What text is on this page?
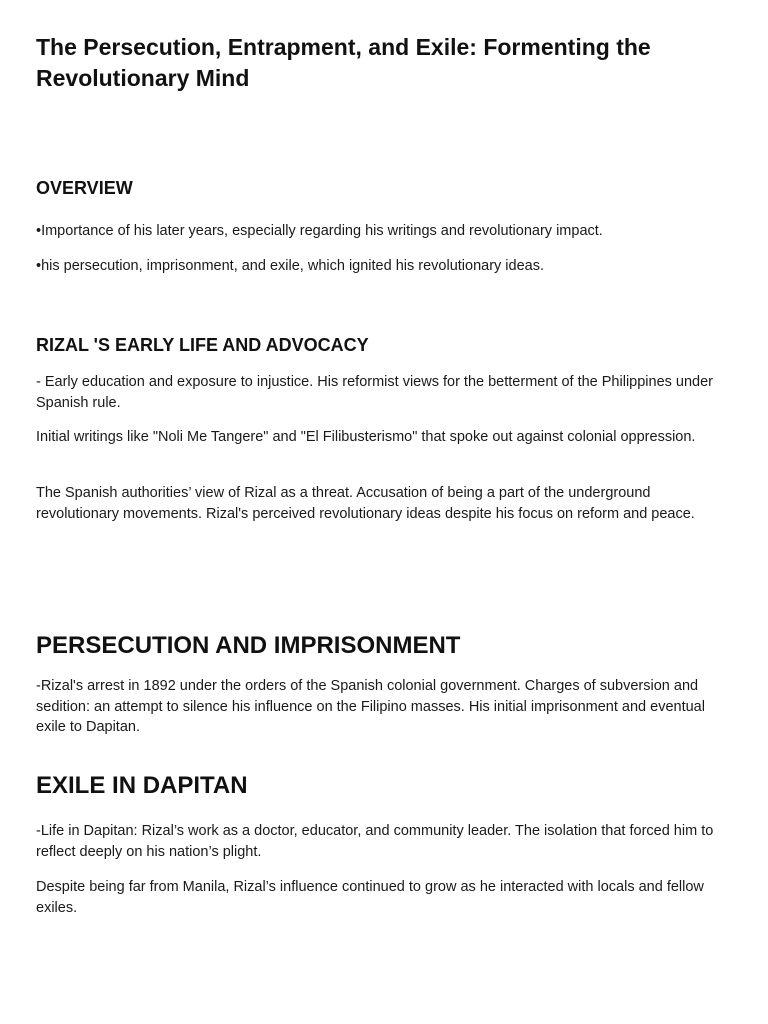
The Persecution, Entrapment, and Exile: Formenting the Revolutionary Mind
OVERVIEW

•Importance of his later years, especially regarding his writings and revolutionary impact.

•his persecution, imprisonment, and exile, which ignited his revolutionary ideas.

RIZAL 'S EARLY LIFE AND ADVOCACY

- Early education and exposure to injustice. His reformist views for the betterment of the Philippines under Spanish rule.

Initial writings like "Noli Me Tangere" and "El Filibusterismo" that spoke out against colonial oppression.

The Spanish authorities’ view of Rizal as a threat. Accusation of being a part of the underground revolutionary movements. Rizal's perceived revolutionary ideas despite his focus on reform and peace.

PERSECUTION AND IMPRISONMENT

-Rizal's arrest in 1892 under the orders of the Spanish colonial government. Charges of subversion and sedition: an attempt to silence his influence on the Filipino masses. His initial imprisonment and eventual exile to Dapitan.

EXILE IN DAPITAN

-Life in Dapitan: Rizal’s work as a doctor, educator, and community leader. The isolation that forced him to reflect deeply on his nation’s plight.

Despite being far from Manila, Rizal’s influence continued to grow as he interacted with locals and fellow exiles.
